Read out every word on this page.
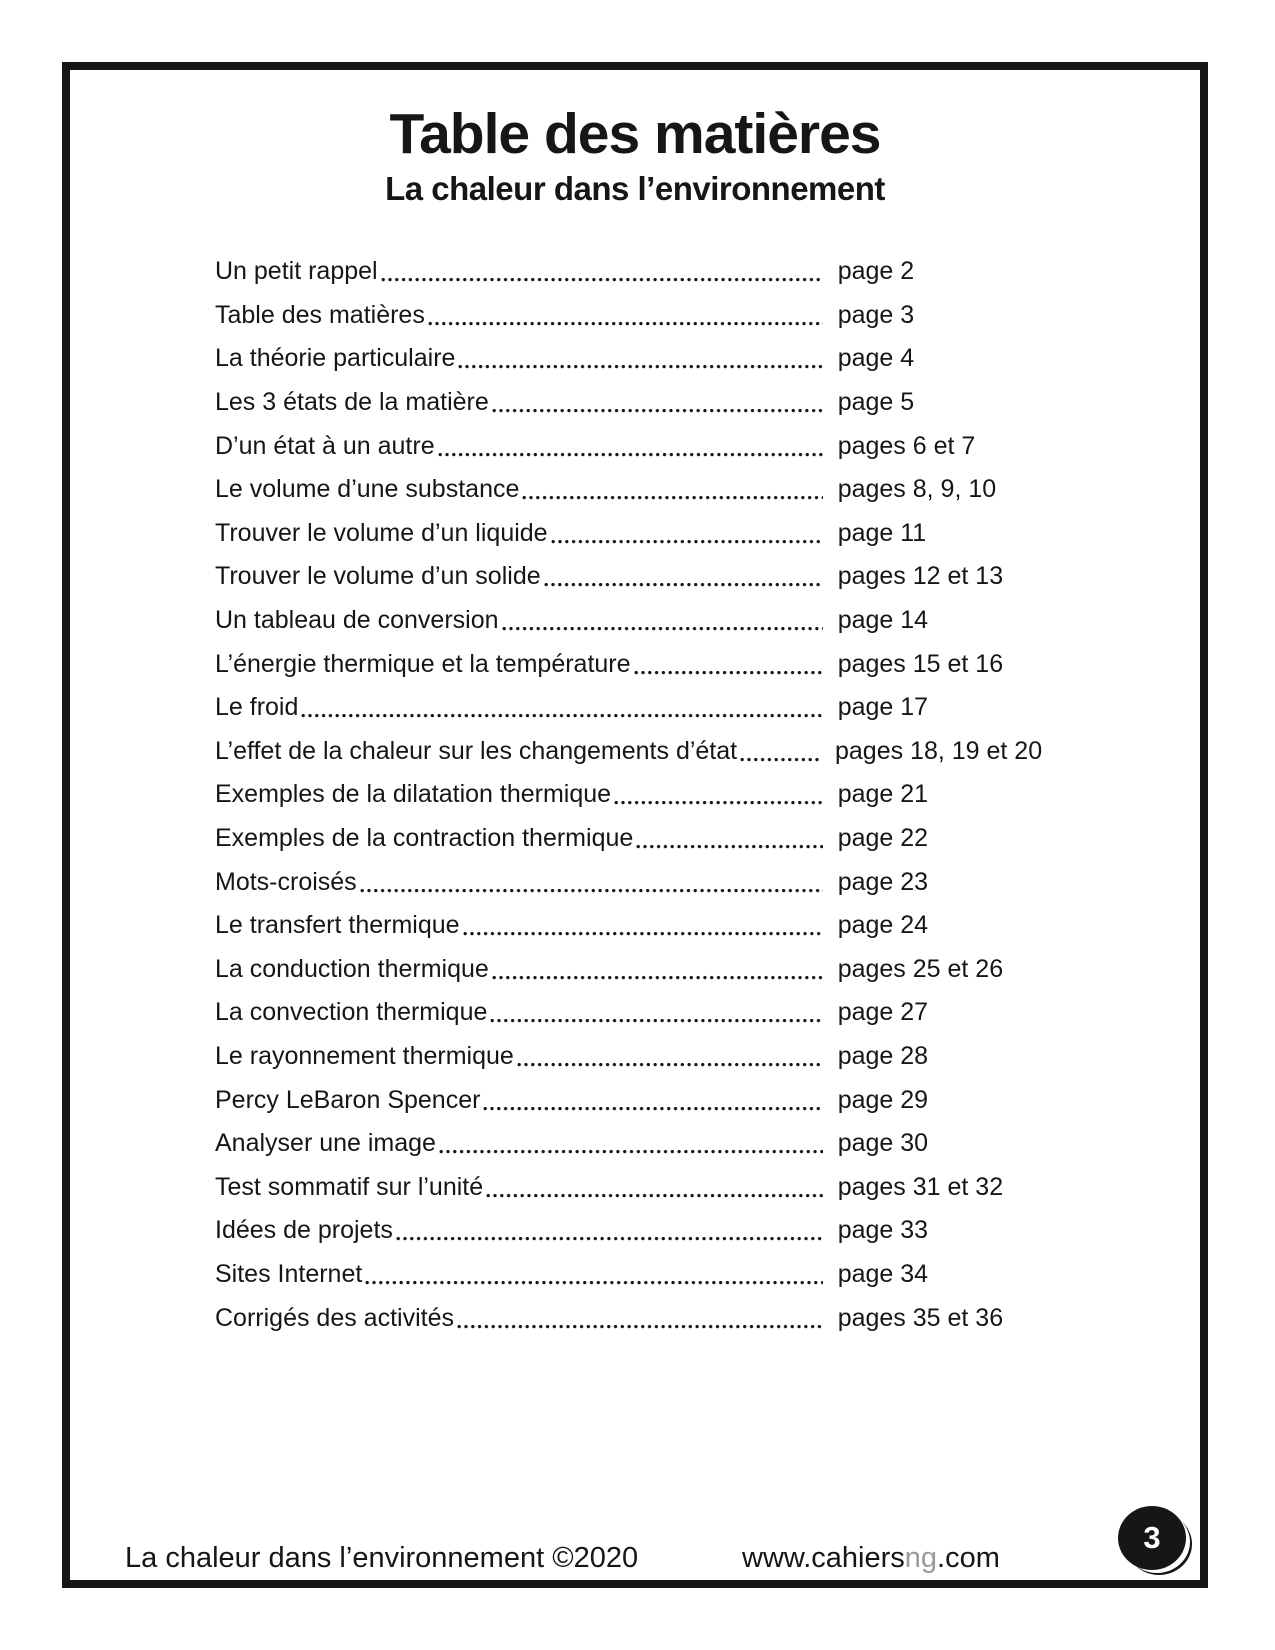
Table des matières
La chaleur dans l’environnement
Un petit rappel	page 2
Table des matières	page 3
La théorie particulaire	page 4
Les 3 états de la matière	page 5
D’un état à un autre	pages 6 et 7
Le volume d’une substance	pages 8, 9, 10
Trouver le volume d’un liquide	page 11
Trouver le volume d’un solide	pages 12 et 13
Un tableau de conversion	page 14
L’énergie thermique et la température	pages 15 et 16
Le froid	page 17
L’effet de la chaleur sur les changements d’état	pages 18, 19 et 20
Exemples de la dilatation thermique	page 21
Exemples de la contraction thermique	page 22
Mots-croisés	page 23
Le transfert thermique	page 24
La conduction thermique	pages 25 et 26
La convection thermique	page 27
Le rayonnement thermique	page 28
Percy LeBaron Spencer	page 29
Analyser une image	page 30
Test sommatif sur l’unité	pages 31 et 32
Idées de projets	page 33
Sites Internet	page 34
Corrigés des activités	pages 35 et 36
La chaleur dans l’environnement ©2020	www.cahiersng.com
3
